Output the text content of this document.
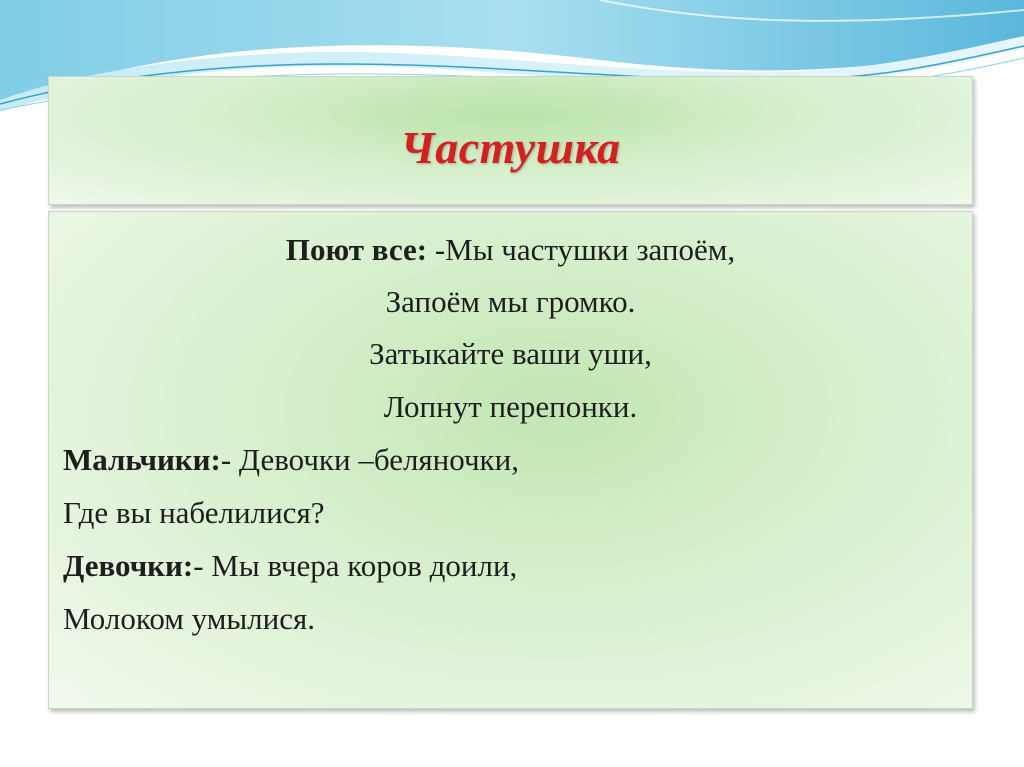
Частушка
Поют все: -Мы частушки запоём,
Запоём мы громко.
Затыкайте ваши уши,
Лопнут перепонки.
Мальчики:- Девочки –беляночки,
Где вы набелилися?
Девочки:- Мы вчера коров доили,
Молоком умылися.
